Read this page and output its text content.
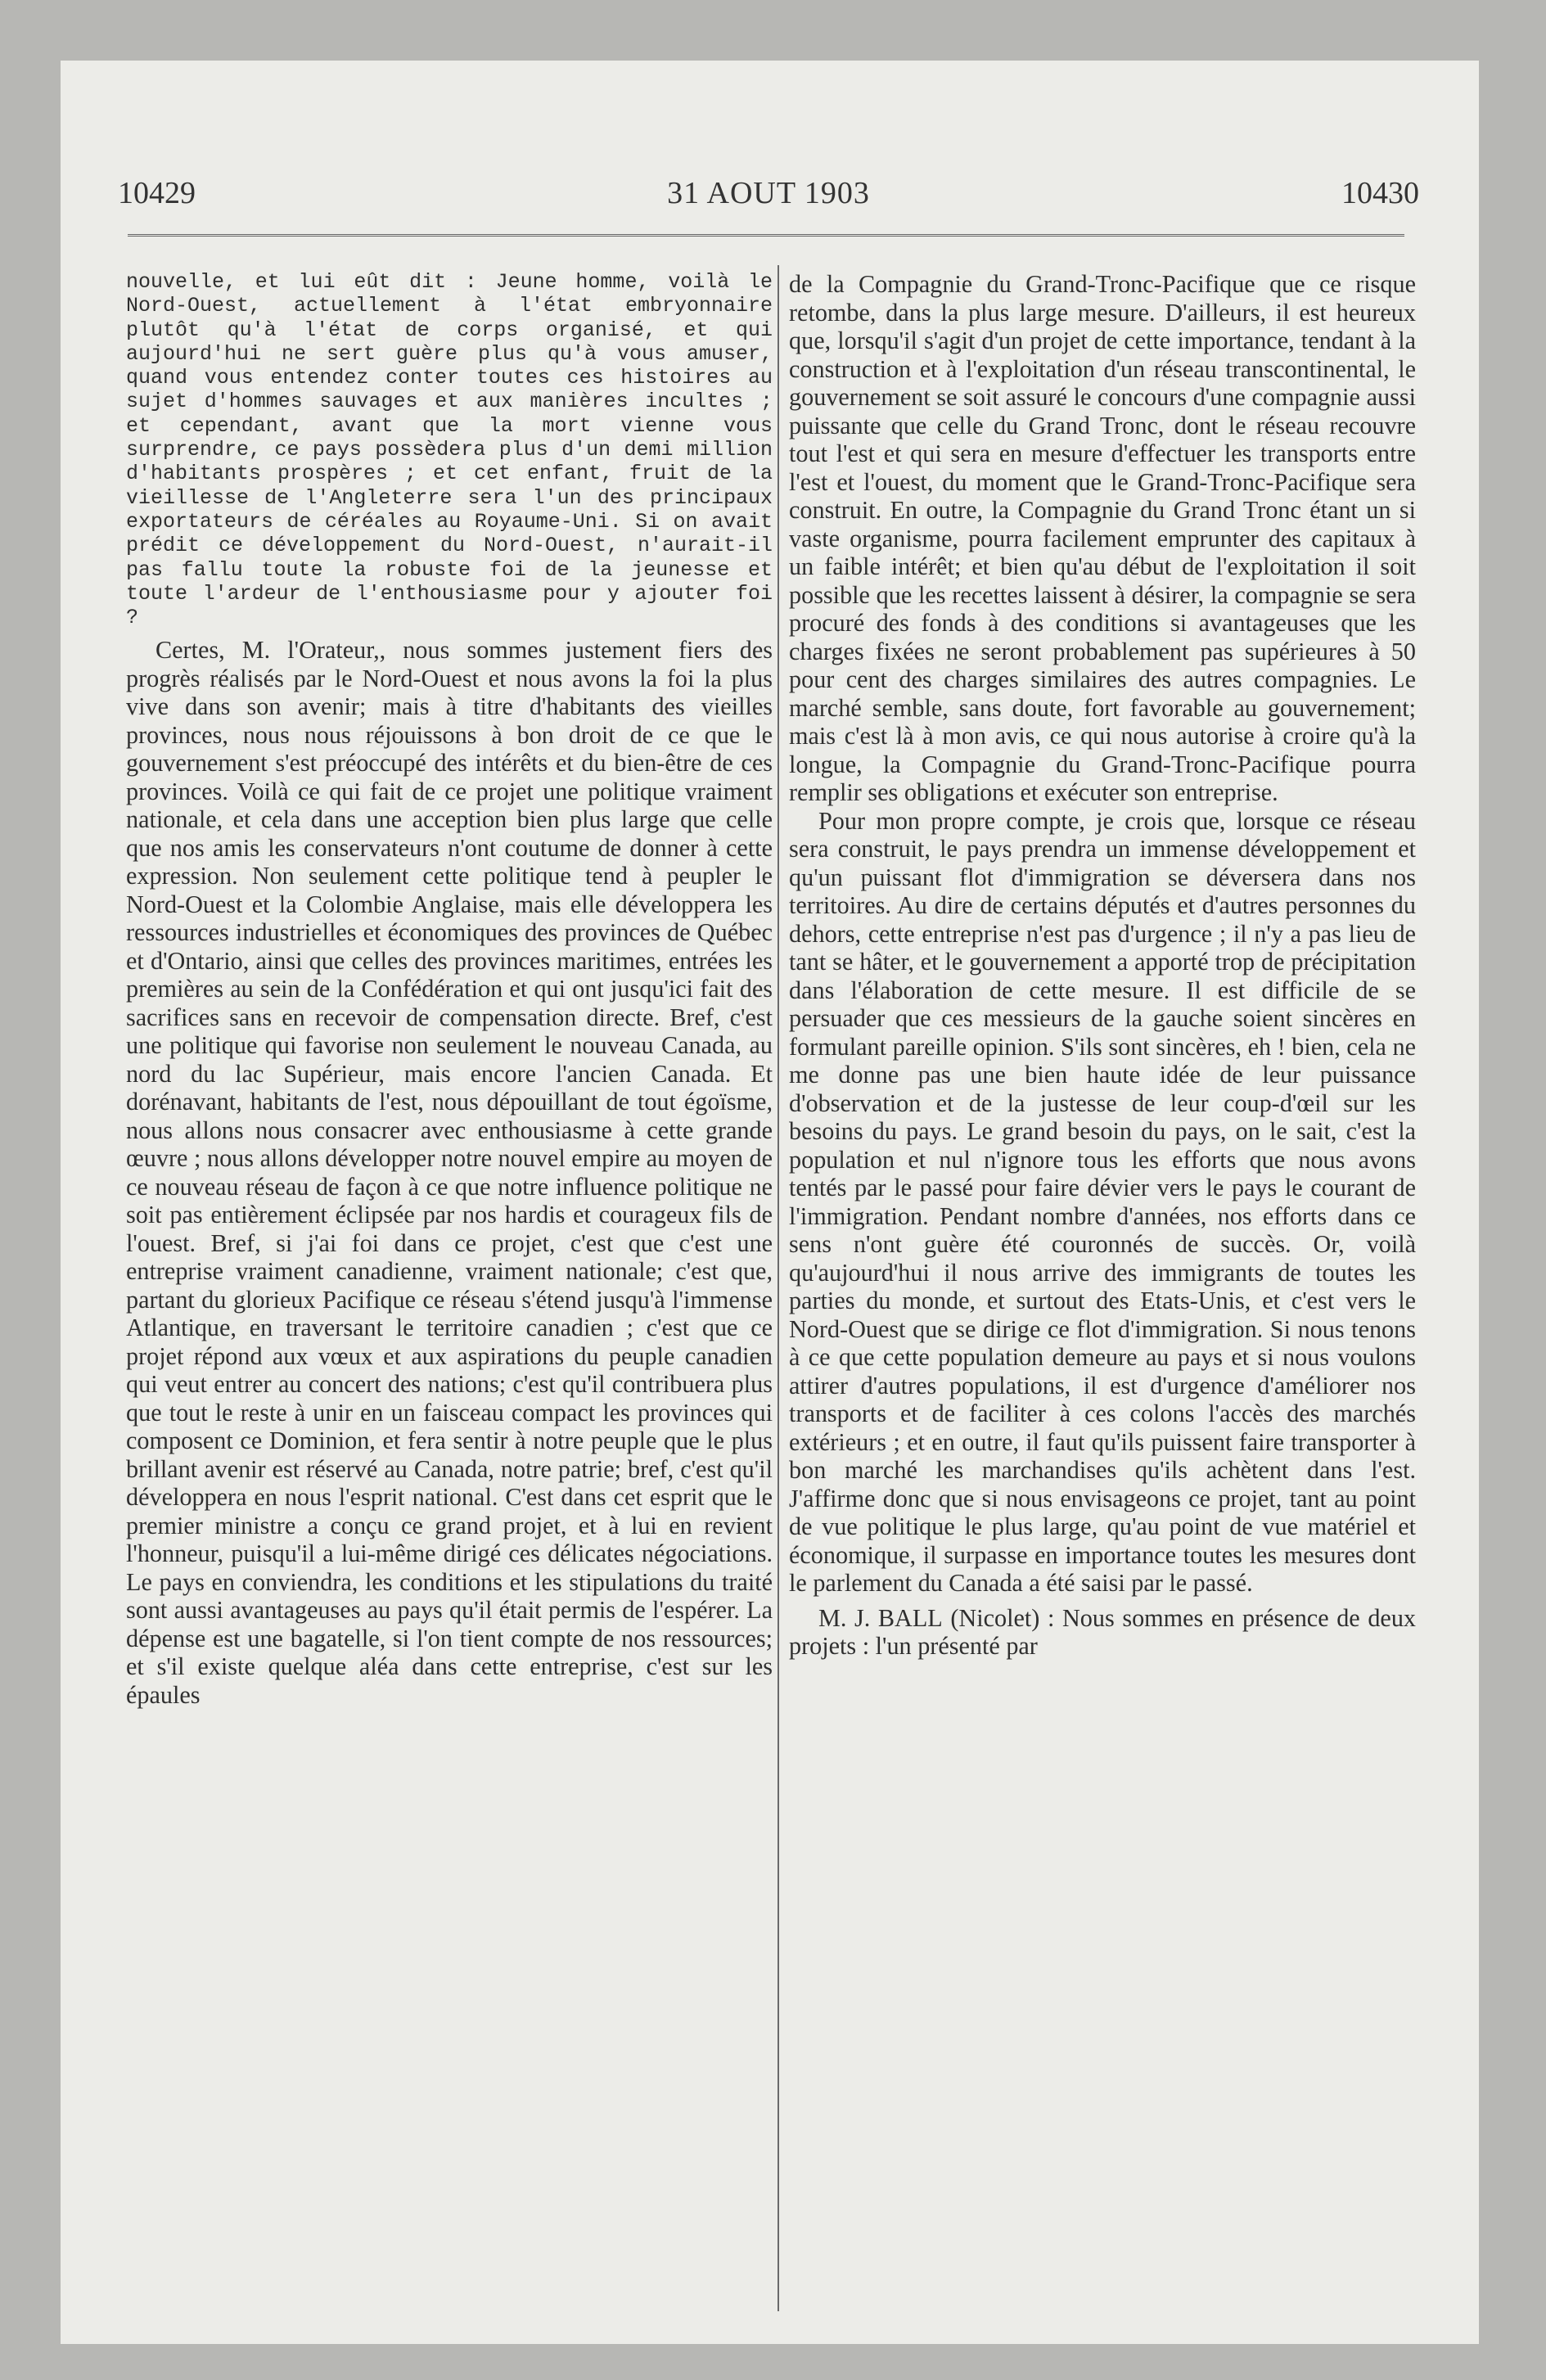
10429	31 AOUT 1903	10430

nouvelle, et lui eût dit : Jeune homme, voilà le Nord-Ouest, actuellement à l'état embryonnaire plutôt qu'à l'état de corps organisé, et qui aujourd'hui ne sert guère plus qu'à vous amuser, quand vous entendez conter toutes ces histoires au sujet d'hommes sauvages et aux manières incultes ; et cependant, avant que la mort vienne vous surprendre, ce pays possèdera plus d'un demi million d'habitants prospères ; et cet enfant, fruit de la vieillesse de l'Angleterre sera l'un des principaux exportateurs de céréales au Royaume-Uni. Si on avait prédit ce développement du Nord-Ouest, n'aurait-il pas fallu toute la robuste foi de la jeunesse et toute l'ardeur de l'enthousiasme pour y ajouter foi ?

Certes, M. l'Orateur,, nous sommes justement fiers des progrès réalisés par le Nord-Ouest et nous avons la foi la plus vive dans son avenir; mais à titre d'habitants des vieilles provinces, nous nous réjouissons à bon droit de ce que le gouvernement s'est préoccupé des intérêts et du bien-être de ces provinces. Voilà ce qui fait de ce projet une politique vraiment nationale, et cela dans une acception bien plus large que celle que nos amis les conservateurs n'ont coutume de donner à cette expression. Non seulement cette politique tend à peupler le Nord-Ouest et la Colombie Anglaise, mais elle développera les ressources industrielles et économiques des provinces de Québec et d'Ontario, ainsi que celles des provinces maritimes, entrées les premières au sein de la Confédération et qui ont jusqu'ici fait des sacrifices sans en recevoir de compensation directe. Bref, c'est une politique qui favorise non seulement le nouveau Canada, au nord du lac Supérieur, mais encore l'ancien Canada. Et dorénavant, habitants de l'est, nous dépouillant de tout égoïsme, nous allons nous consacrer avec enthousiasme à cette grande œuvre ; nous allons développer notre nouvel empire au moyen de ce nouveau réseau de façon à ce que notre influence politique ne soit pas entièrement éclipsée par nos hardis et courageux fils de l'ouest. Bref, si j'ai foi dans ce projet, c'est que c'est une entreprise vraiment canadienne, vraiment nationale; c'est que, partant du glorieux Pacifique ce réseau s'étend jusqu'à l'immense Atlantique, en traversant le territoire canadien ; c'est que ce projet répond aux vœux et aux aspirations du peuple canadien qui veut entrer au concert des nations; c'est qu'il contribuera plus que tout le reste à unir en un faisceau compact les provinces qui composent ce Dominion, et fera sentir à notre peuple que le plus brillant avenir est réservé au Canada, notre patrie; bref, c'est qu'il développera en nous l'esprit national. C'est dans cet esprit que le premier ministre a conçu ce grand projet, et à lui en revient l'honneur, puisqu'il a lui-même dirigé ces délicates négociations. Le pays en conviendra, les conditions et les stipulations du traité sont aussi avantageuses au pays qu'il était permis de l'espérer. La dépense est une bagatelle, si l'on tient compte de nos ressources; et s'il existe quelque aléa dans cette entreprise, c'est sur les épaules

de la Compagnie du Grand-Tronc-Pacifique que ce risque retombe, dans la plus large mesure. D'ailleurs, il est heureux que, lorsqu'il s'agit d'un projet de cette importance, tendant à la construction et à l'exploitation d'un réseau transcontinental, le gouvernement se soit assuré le concours d'une compagnie aussi puissante que celle du Grand Tronc, dont le réseau recouvre tout l'est et qui sera en mesure d'effectuer les transports entre l'est et l'ouest, du moment que le Grand-Tronc-Pacifique sera construit. En outre, la Compagnie du Grand Tronc étant un si vaste organisme, pourra facilement emprunter des capitaux à un faible intérêt; et bien qu'au début de l'exploitation il soit possible que les recettes laissent à désirer, la compagnie se sera procuré des fonds à des conditions si avantageuses que les charges fixées ne seront probablement pas supérieures à 50 pour cent des charges similaires des autres compagnies. Le marché semble, sans doute, fort favorable au gouvernement; mais c'est là à mon avis, ce qui nous autorise à croire qu'à la longue, la Compagnie du Grand-Tronc-Pacifique pourra remplir ses obligations et exécuter son entreprise.

Pour mon propre compte, je crois que, lorsque ce réseau sera construit, le pays prendra un immense développement et qu'un puissant flot d'immigration se déversera dans nos territoires. Au dire de certains députés et d'autres personnes du dehors, cette entreprise n'est pas d'urgence ; il n'y a pas lieu de tant se hâter, et le gouvernement a apporté trop de précipitation dans l'élaboration de cette mesure. Il est difficile de se persuader que ces messieurs de la gauche soient sincères en formulant pareille opinion. S'ils sont sincères, eh ! bien, cela ne me donne pas une bien haute idée de leur puissance d'observation et de la justesse de leur coup-d'œil sur les besoins du pays. Le grand besoin du pays, on le sait, c'est la population et nul n'ignore tous les efforts que nous avons tentés par le passé pour faire dévier vers le pays le courant de l'immigration. Pendant nombre d'années, nos efforts dans ce sens n'ont guère été couronnés de succès. Or, voilà qu'aujourd'hui il nous arrive des immigrants de toutes les parties du monde, et surtout des Etats-Unis, et c'est vers le Nord-Ouest que se dirige ce flot d'immigration. Si nous tenons à ce que cette population demeure au pays et si nous voulons attirer d'autres populations, il est d'urgence d'améliorer nos transports et de faciliter à ces colons l'accès des marchés extérieurs ; et en outre, il faut qu'ils puissent faire transporter à bon marché les marchandises qu'ils achètent dans l'est. J'affirme donc que si nous envisageons ce projet, tant au point de vue politique le plus large, qu'au point de vue matériel et économique, il surpasse en importance toutes les mesures dont le parlement du Canada a été saisi par le passé.

M. J. BALL (Nicolet) : Nous sommes en présence de deux projets : l'un présenté par
